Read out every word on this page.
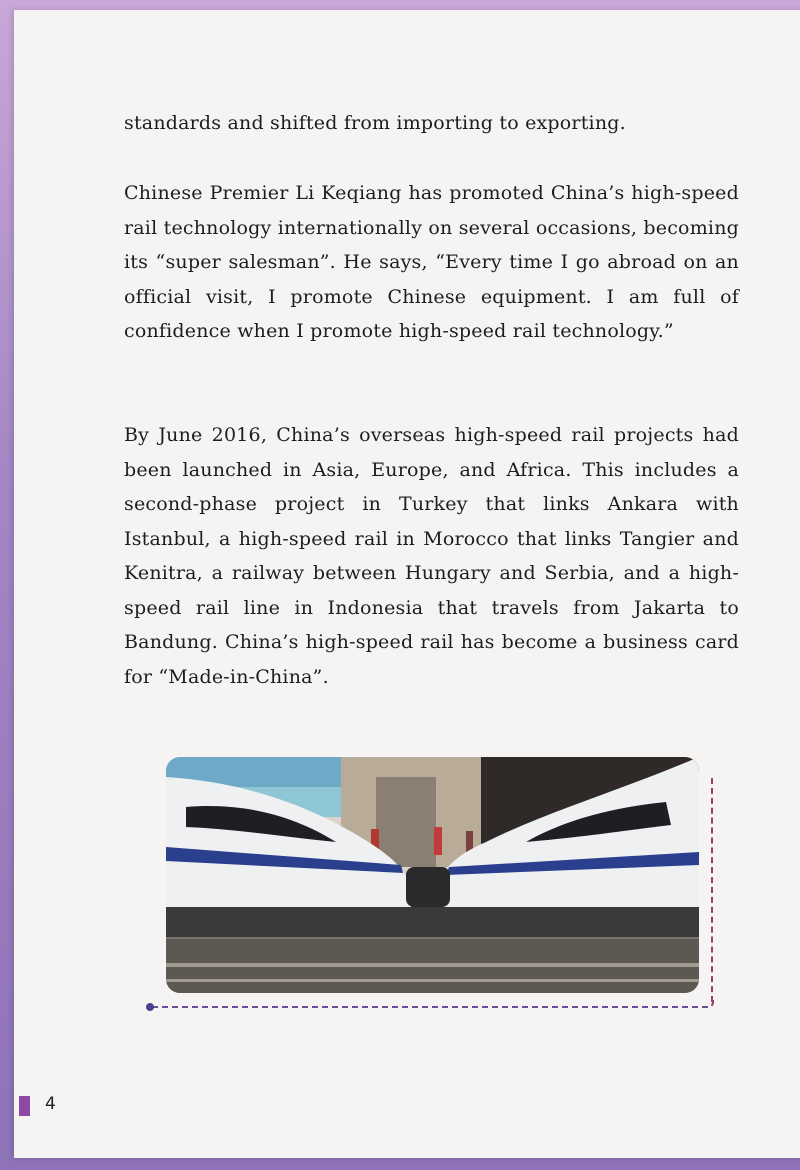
standards and shifted from importing to exporting.
Chinese Premier Li Keqiang has promoted China’s high-speed rail technology internationally on several occasions, becoming its “super salesman”. He says, “Every time I go abroad on an official visit, I promote Chinese equipment. I am full of confidence when I promote high-speed rail technology.”
By June 2016, China’s overseas high-speed rail projects had been launched in Asia, Europe, and Africa. This includes a second-phase project in Turkey that links Ankara with Istanbul, a high-speed rail in Morocco that links Tangier and Kenitra, a railway between Hungary and Serbia, and a high-speed rail line in Indonesia that travels from Jakarta to Bandung. China’s high-speed rail has become a business card for “Made-in-China”.
4
